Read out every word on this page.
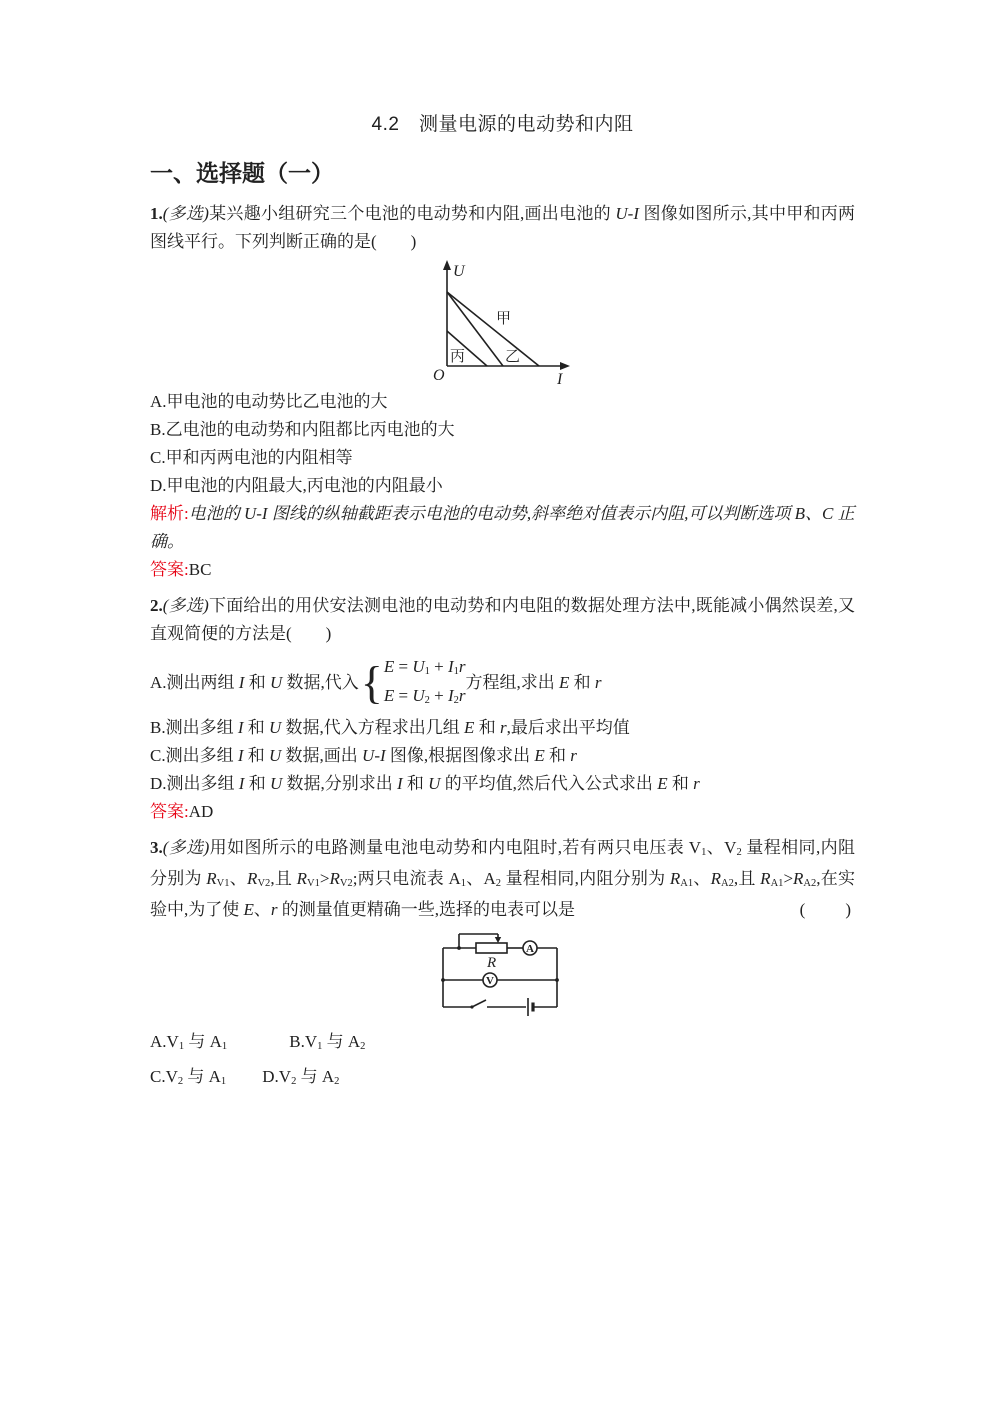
4.2　测量电源的电动势和内阻
一、选择题（一）

1.(多选)某兴趣小组研究三个电池的电动势和内阻,画出电池的 U-I 图像如图所示,其中甲和丙两图线平行。下列判断正确的是(　　)

U
I
O
甲
乙
丙

A.甲电池的电动势比乙电池的大

B.乙电池的电动势和内阻都比丙电池的大

C.甲和丙两电池的内阻相等

D.甲电池的内阻最大,丙电池的内阻最小

解析:电池的 U-I 图线的纵轴截距表示电池的电动势,斜率绝对值表示内阻,可以判断选项 B、C 正确。

答案:BC

2.(多选)下面给出的用伏安法测电池的电动势和内电阻的数据处理方法中,既能减小偶然误差,又直观简便的方法是(　　)

A.测出两组 I 和 U 数据,代入 { E = U1 + I1r
E = U2 + I2r
方程组,求出 E 和 r

B.测出多组 I 和 U 数据,代入方程求出几组 E 和 r,最后求出平均值

C.测出多组 I 和 U 数据,画出 U-I 图像,根据图像求出 E 和 r

D.测出多组 I 和 U 数据,分别求出 I 和 U 的平均值,然后代入公式求出 E 和 r

答案:AD

3.(多选)用如图所示的电路测量电池电动势和内电阻时,若有两只电压表 V1、V2 量程相同,内阻分别为 RV1、RV2,且 RV1>RV2;两只电流表 A1、A2 量程相同,内阻分别为 RA1、RA2,且 RA1>RA2,在实验中,为了使 E、r 的测量值更精确一些,选择的电表可以是	(　　)

R
A
V
A.V1 与 A1	B.V1 与 A2
C.V2 与 A1 D.V2 与 A2
